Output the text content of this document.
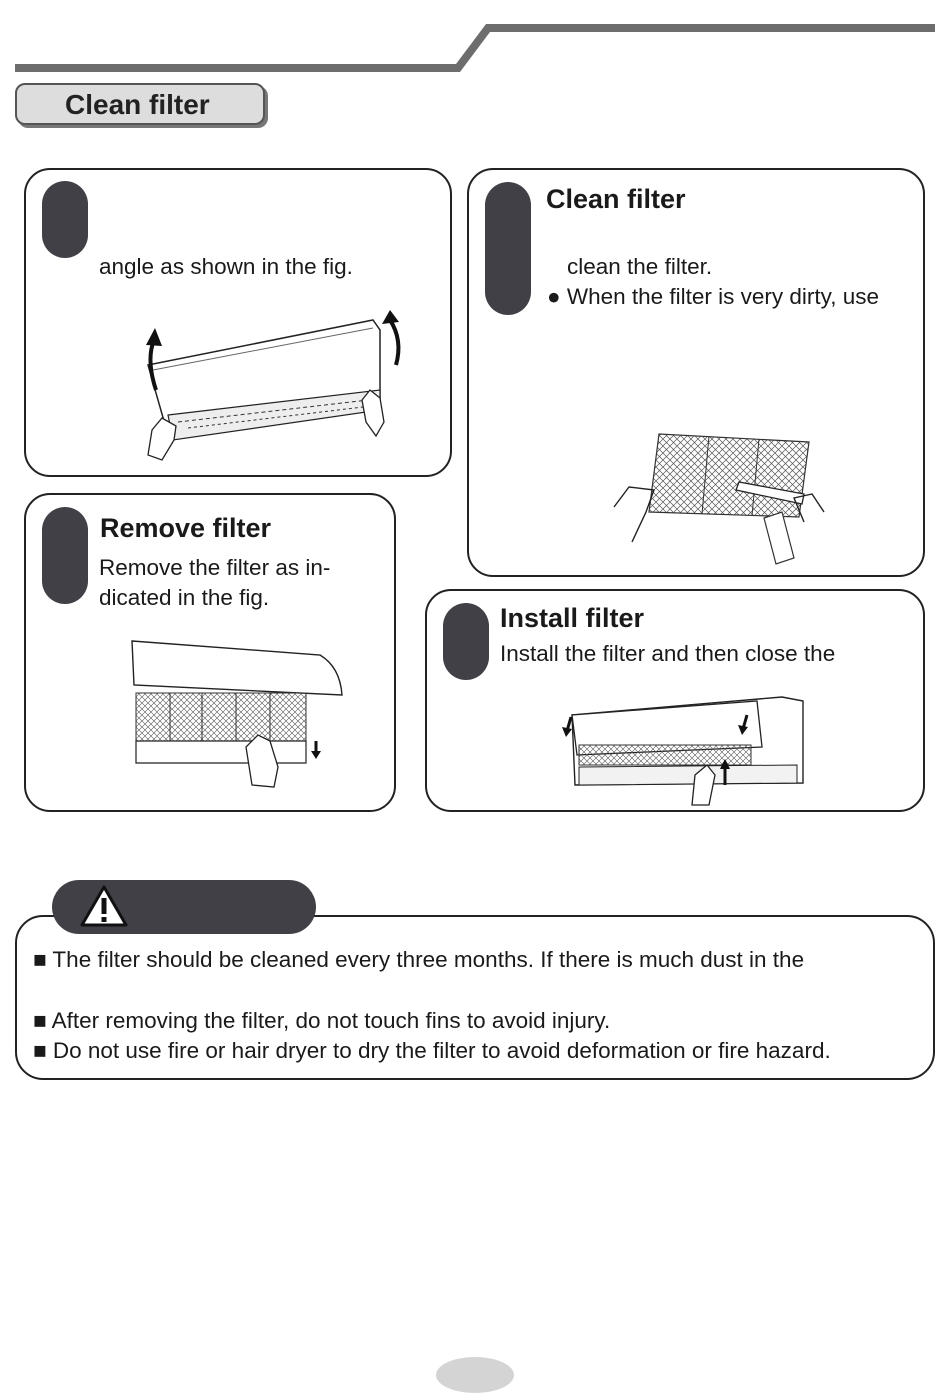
Clean filter
angle as shown in the fig.
Remove filter
Remove the filter as in-
dicated in the fig.
Clean filter
clean the filter.
● When the filter is very dirty, use
Install filter
Install the filter and then close the
■ The filter should be cleaned every three months. If there is much dust in the
■ After removing the filter, do not touch fins to avoid injury.
■ Do not use fire or hair dryer to dry the filter to avoid deformation or fire hazard.
